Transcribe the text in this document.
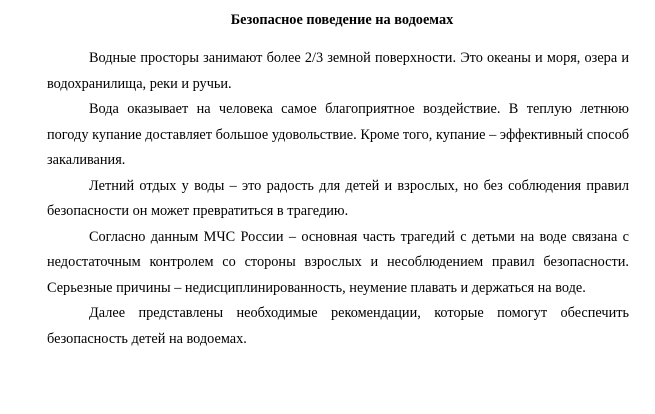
Безопасное поведение на водоемах

Водные просторы занимают более 2/3 земной поверхности. Это океаны и моря, озера и водохранилища, реки и ручьи.

Вода оказывает на человека самое благоприятное воздействие. В теплую летнюю погоду купание доставляет большое удовольствие. Кроме того, купание – эффективный способ закаливания.

Летний отдых у воды – это радость для детей и взрослых, но без соблюдения правил безопасности он может превратиться в трагедию.

Согласно данным МЧС России – основная часть трагедий с детьми на воде связана с недостаточным контролем со стороны взрослых и несоблюдением правил безопасности. Серьезные причины – недисциплинированность, неумение плавать и держаться на воде.

Далее представлены необходимые рекомендации, которые помогут обеспечить безопасность детей на водоемах.
